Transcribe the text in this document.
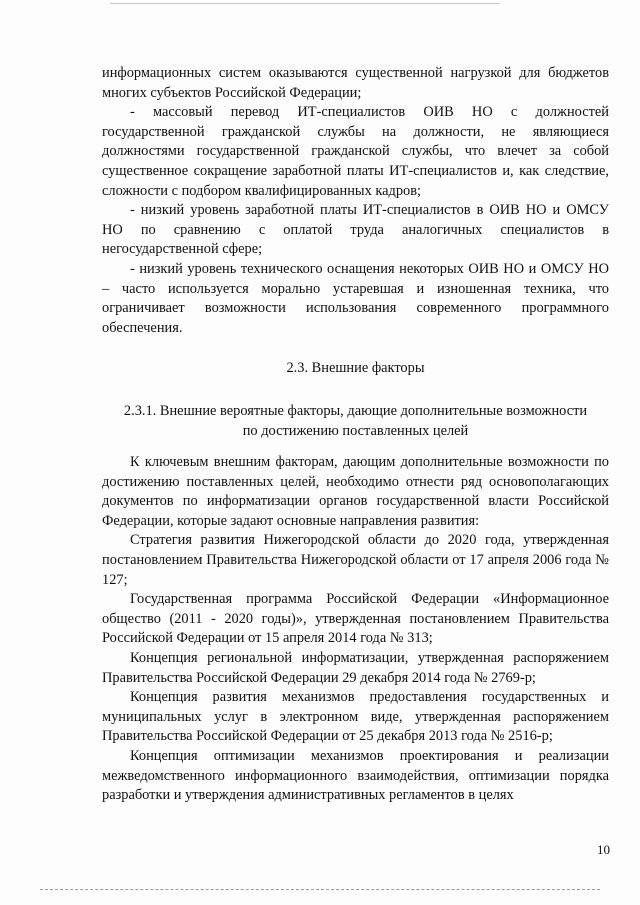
информационных систем оказываются существенной нагрузкой для бюджетов многих субъектов Российской Федерации;

- массовый перевод ИТ-специалистов ОИВ НО с должностей государственной гражданской службы на должности, не являющиеся должностями государственной гражданской службы, что влечет за собой существенное сокращение заработной платы ИТ-специалистов и, как следствие, сложности с подбором квалифицированных кадров;

- низкий уровень заработной платы ИТ-специалистов в ОИВ НО и ОМСУ НО по сравнению с оплатой труда аналогичных специалистов в негосударственной сфере;

- низкий уровень технического оснащения некоторых ОИВ НО и ОМСУ НО – часто используется морально устаревшая и изношенная техника, что ограничивает возможности использования современного программного обеспечения.

2.3. Внешние факторы

2.3.1. Внешние вероятные факторы, дающие дополнительные возможности

по достижению поставленных целей

К ключевым внешним факторам, дающим дополнительные возможности по достижению поставленных целей, необходимо отнести ряд основополагающих документов по информатизации органов государственной власти Российской Федерации, которые задают основные направления развития:

Стратегия развития Нижегородской области до 2020 года, утвержденная постановлением Правительства Нижегородской области от 17 апреля 2006 года № 127;

Государственная программа Российской Федерации «Информационное общество (2011 - 2020 годы)», утвержденная постановлением Правительства Российской Федерации от 15 апреля 2014 года № 313;

Концепция региональной информатизации, утвержденная распоряжением Правительства Российской Федерации 29 декабря 2014 года № 2769-р;

Концепция развития механизмов предоставления государственных и муниципальных услуг в электронном виде, утвержденная распоряжением Правительства Российской Федерации от 25 декабря 2013 года № 2516-р;

Концепция оптимизации механизмов проектирования и реализации межведомственного информационного взаимодействия, оптимизации порядка разработки и утверждения административных регламентов в целях

10
